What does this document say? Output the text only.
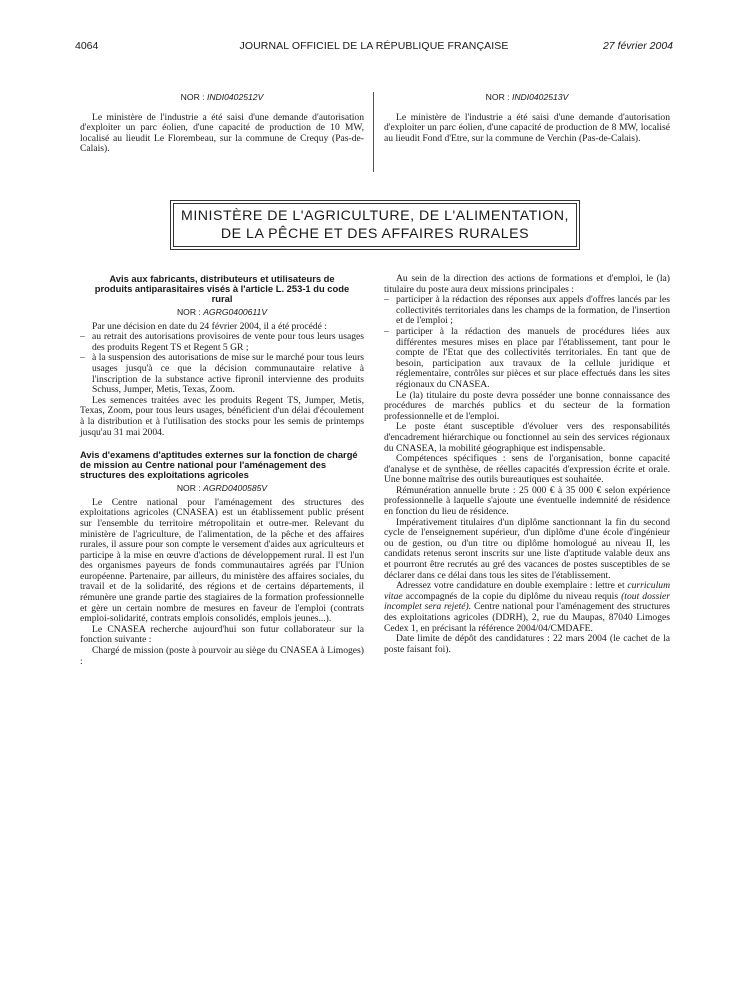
4064	JOURNAL OFFICIEL DE LA RÉPUBLIQUE FRANÇAISE	27 février 2004
NOR : INDI0402512V

Le ministère de l'industrie a été saisi d'une demande d'autorisation d'exploiter un parc éolien, d'une capacité de production de 10 MW, localisé au lieudit Le Florembeau, sur la commune de Crequy (Pas-de-Calais).

NOR : INDI0402513V

Le ministère de l'industrie a été saisi d'une demande d'autorisation d'exploiter un parc éolien, d'une capacité de production de 8 MW, localisé au lieudit Fond d'Etre, sur la commune de Verchin (Pas-de-Calais).

MINISTÈRE DE L'AGRICULTURE, DE L'ALIMENTATION,
DE LA PÊCHE ET DES AFFAIRES RURALES
Avis aux fabricants, distributeurs et utilisateurs de produits antiparasitaires visés à l'article L. 253-1 du code rural
NOR : AGRG0400611V

Par une décision en date du 24 février 2004, il a été procédé :

– au retrait des autorisations provisoires de vente pour tous leurs usages des produits Regent TS et Regent 5 GR ;
– à la suspension des autorisations de mise sur le marché pour tous leurs usages jusqu'à ce que la décision communautaire relative à l'inscription de la substance active fipronil intervienne des produits Schuss, Jumper, Metis, Texas, Zoom.

Les semences traitées avec les produits Regent TS, Jumper, Metis, Texas, Zoom, pour tous leurs usages, bénéficient d'un délai d'écoulement à la distribution et à l'utilisation des stocks pour les semis de printemps jusqu'au 31 mai 2004.

Avis d'examens d'aptitudes externes sur la fonction de chargé de mission au Centre national pour l'aménagement des structures des exploitations agricoles
NOR : AGRD0400585V

Le Centre national pour l'aménagement des structures des exploitations agricoles (CNASEA) est un établissement public présent sur l'ensemble du territoire métropolitain et outre-mer. Relevant du ministère de l'agriculture, de l'alimentation, de la pêche et des affaires rurales, il assure pour son compte le versement d'aides aux agriculteurs et participe à la mise en œuvre d'actions de développement rural. Il est l'un des organismes payeurs de fonds communautaires agréés par l'Union européenne. Partenaire, par ailleurs, du ministère des affaires sociales, du travail et de la solidarité, des régions et de certains départements, il rémunère une grande partie des stagiaires de la formation professionnelle et gère un certain nombre de mesures en faveur de l'emploi (contrats emploi-solidarité, contrats emplois consolidés, emplois jeunes...).

Le CNASEA recherche aujourd'hui son futur collaborateur sur la fonction suivante :

Chargé de mission (poste à pourvoir au siège du CNASEA à Limoges) :

Au sein de la direction des actions de formations et d'emploi, le (la) titulaire du poste aura deux missions principales :

– participer à la rédaction des réponses aux appels d'offres lancés par les collectivités territoriales dans les champs de la formation, de l'insertion et de l'emploi ;
– participer à la rédaction des manuels de procédures liées aux différentes mesures mises en place par l'établissement, tant pour le compte de l'Etat que des collectivités territoriales. En tant que de besoin, participation aux travaux de la cellule juridique et réglementaire, contrôles sur pièces et sur place effectués dans les sites régionaux du CNASEA.

Le (la) titulaire du poste devra posséder une bonne connaissance des procédures de marchés publics et du secteur de la formation professionnelle et de l'emploi.

Le poste étant susceptible d'évoluer vers des responsabilités d'encadrement hiérarchique ou fonctionnel au sein des services régionaux du CNASEA, la mobilité géographique est indispensable.

Compétences spécifiques : sens de l'organisation, bonne capacité d'analyse et de synthèse, de réelles capacités d'expression écrite et orale. Une bonne maîtrise des outils bureautiques est souhaitée.

Rémunération annuelle brute : 25 000 € à 35 000 € selon expérience professionnelle à laquelle s'ajoute une éventuelle indemnité de résidence en fonction du lieu de résidence.

Impérativement titulaires d'un diplôme sanctionnant la fin du second cycle de l'enseignement supérieur, d'un diplôme d'une école d'ingénieur ou de gestion, ou d'un titre ou diplôme homologué au niveau II, les candidats retenus seront inscrits sur une liste d'aptitude valable deux ans et pourront être recrutés au gré des vacances de postes susceptibles de se déclarer dans ce délai dans tous les sites de l'établissement.

Adressez votre candidature en double exemplaire : lettre et curriculum vitae accompagnés de la copie du diplôme du niveau requis (tout dossier incomplet sera rejeté). Centre national pour l'aménagement des structures des exploitations agricoles (DDRH), 2, rue du Maupas, 87040 Limoges Cedex 1, en précisant la référence 2004/04/CMDAFE.

Date limite de dépôt des candidatures : 22 mars 2004 (le cachet de la poste faisant foi).
